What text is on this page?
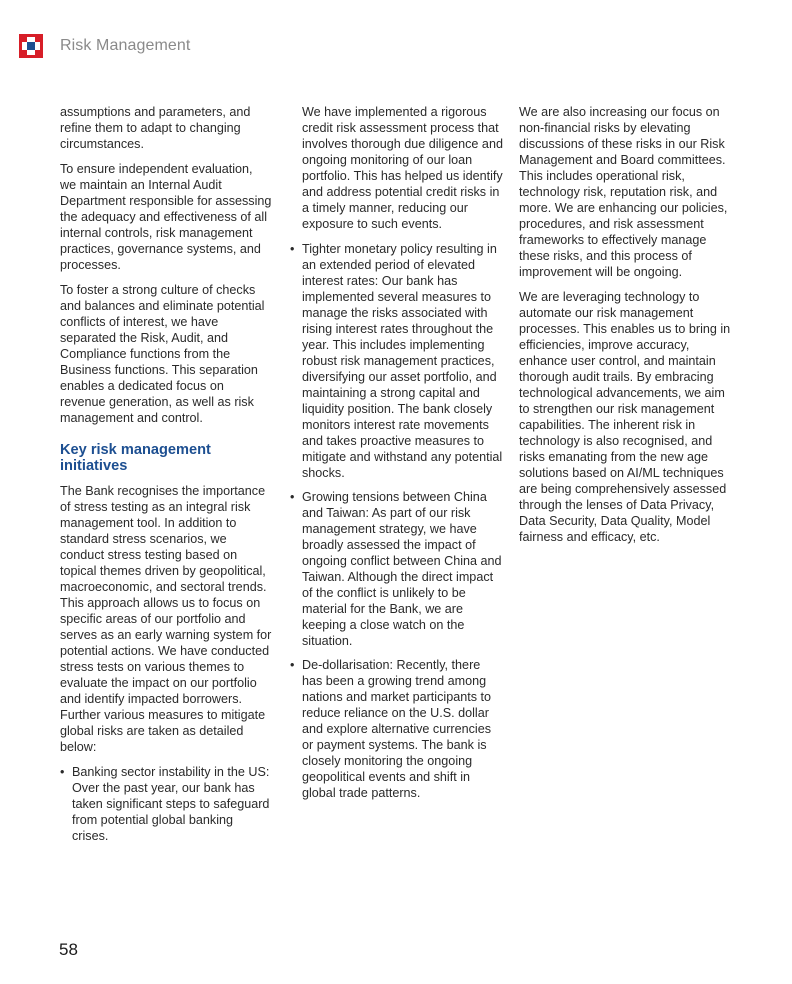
Risk Management

assumptions and parameters, and refine them to adapt to changing circumstances.

To ensure independent evaluation, we maintain an Internal Audit Department responsible for assessing the adequacy and effectiveness of all internal controls, risk management practices, governance systems, and processes.

To foster a strong culture of checks and balances and eliminate potential conflicts of interest, we have separated the Risk, Audit, and Compliance functions from the Business functions. This separation enables a dedicated focus on revenue generation, as well as risk management and control.

Key risk management initiatives

The Bank recognises the importance of stress testing as an integral risk management tool. In addition to standard stress scenarios, we conduct stress testing based on topical themes driven by geopolitical, macroeconomic, and sectoral trends. This approach allows us to focus on specific areas of our portfolio and serves as an early warning system for potential actions. We have conducted stress tests on various themes to evaluate the impact on our portfolio and identify impacted borrowers. Further various measures to mitigate global risks are taken as detailed below:

• Banking sector instability in the US: Over the past year, our bank has taken significant steps to safeguard from potential global banking crises.

We have implemented a rigorous credit risk assessment process that involves thorough due diligence and ongoing monitoring of our loan portfolio. This has helped us identify and address potential credit risks in a timely manner, reducing our exposure to such events.

• Tighter monetary policy resulting in an extended period of elevated interest rates: Our bank has implemented several measures to manage the risks associated with rising interest rates throughout the year. This includes implementing robust risk management practices, diversifying our asset portfolio, and maintaining a strong capital and liquidity position. The bank closely monitors interest rate movements and takes proactive measures to mitigate and withstand any potential shocks.
• Growing tensions between China and Taiwan: As part of our risk management strategy, we have broadly assessed the impact of ongoing conflict between China and Taiwan. Although the direct impact of the conflict is unlikely to be material for the Bank, we are keeping a close watch on the situation.
• De-dollarisation: Recently, there has been a growing trend among nations and market participants to reduce reliance on the U.S. dollar and explore alternative currencies or payment systems. The bank is closely monitoring the ongoing geopolitical events and shift in global trade patterns.

We are also increasing our focus on non-financial risks by elevating discussions of these risks in our Risk Management and Board committees. This includes operational risk, technology risk, reputation risk, and more. We are enhancing our policies, procedures, and risk assessment frameworks to effectively manage these risks, and this process of improvement will be ongoing.

We are leveraging technology to automate our risk management processes. This enables us to bring in efficiencies, improve accuracy, enhance user control, and maintain thorough audit trails. By embracing technological advancements, we aim to strengthen our risk management capabilities. The inherent risk in technology is also recognised, and risks emanating from the new age solutions based on AI/ML techniques are being comprehensively assessed through the lenses of Data Privacy, Data Security, Data Quality, Model fairness and efficacy, etc.

58
